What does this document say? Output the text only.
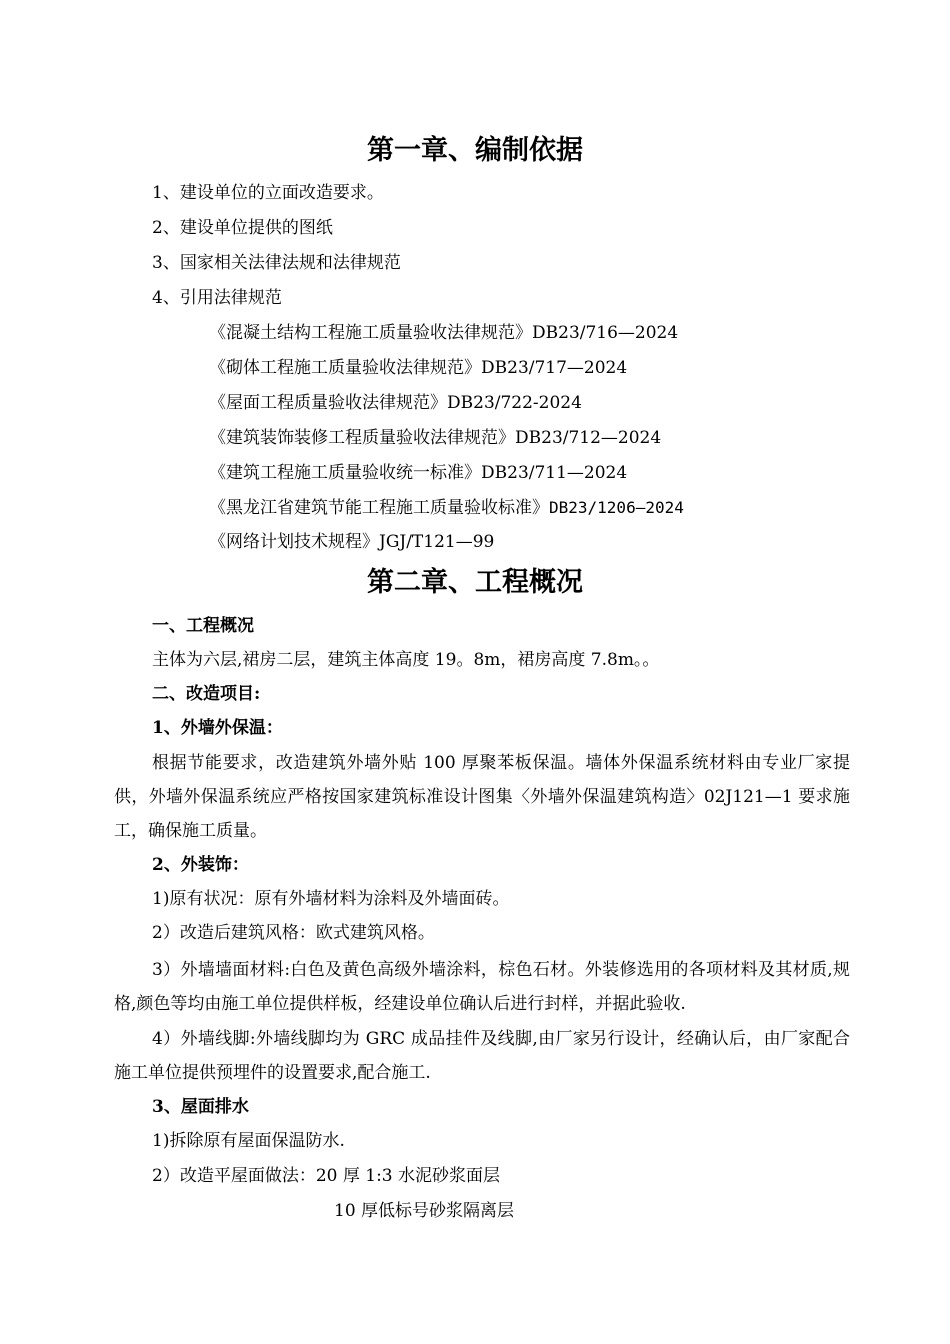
第一章、编制依据
1、建设单位的立面改造要求。
2、建设单位提供的图纸
3、国家相关法律法规和法律规范
4、引用法律规范
《混凝土结构工程施工质量验收法律规范》DB23/716—2024
《砌体工程施工质量验收法律规范》DB23/717—2024
《屋面工程质量验收法律规范》DB23/722-2024
《建筑装饰装修工程质量验收法律规范》DB23/712—2024
《建筑工程施工质量验收统一标准》DB23/711—2024
《黑龙江省建筑节能工程施工质量验收标准》DB23/1206—2024
《网络计划技术规程》JGJ/T121—99
第二章、工程概况
一、工程概况
主体为六层,裙房二层，建筑主体高度 19。8m，裙房高度 7.8m。。
二、改造项目:
1、外墙外保温：

根据节能要求，改造建筑外墙外贴 100 厚聚苯板保温。墙体外保温系统材料由专业厂家提供，外墙外保温系统应严格按国家建筑标准设计图集〈外墙外保温建筑构造〉02J121—1 要求施工，确保施工质量。

2、外装饰：
1)原有状况：原有外墙材料为涂料及外墙面砖。
2）改造后建筑风格：欧式建筑风格。

3）外墙墙面材料:白色及黄色高级外墙涂料，棕色石材。外装修选用的各项材料及其材质,规格,颜色等均由施工单位提供样板，经建设单位确认后进行封样，并据此验收.

4）外墙线脚:外墙线脚均为 GRC 成品挂件及线脚,由厂家另行设计，经确认后，由厂家配合施工单位提供预埋件的设置要求,配合施工.

3、屋面排水
1)拆除原有屋面保温防水.
2）改造平屋面做法：20 厚 1:3 水泥砂浆面层
10 厚低标号砂浆隔离层
